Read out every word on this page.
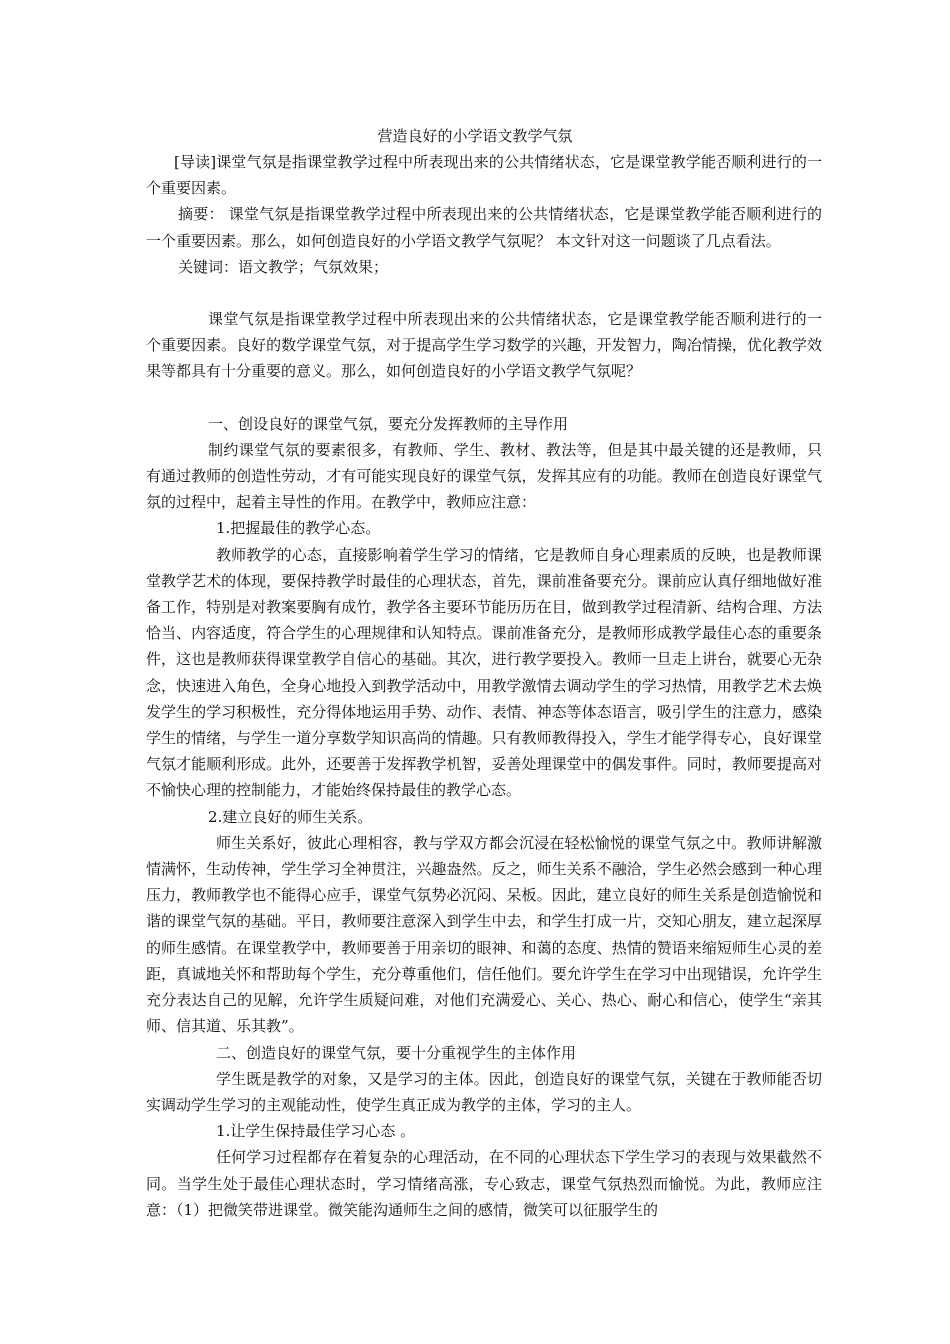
营造良好的小学语文教学气氛

[导读]课堂气氛是指课堂教学过程中所表现出来的公共情绪状态，它是课堂教学能否顺利进行的一个重要因素。

摘要： 课堂气氛是指课堂教学过程中所表现出来的公共情绪状态，它是课堂教学能否顺利进行的一个重要因素。那么，如何创造良好的小学语文教学气氛呢？ 本文针对这一问题谈了几点看法。

关键词：语文教学；气氛效果；

课堂气氛是指课堂教学过程中所表现出来的公共情绪状态，它是课堂教学能否顺利进行的一个重要因素。良好的数学课堂气氛，对于提高学生学习数学的兴趣，开发智力，陶冶情操，优化教学效果等都具有十分重要的意义。那么，如何创造良好的小学语文教学气氛呢？

一、创设良好的课堂气氛，要充分发挥教师的主导作用

制约课堂气氛的要素很多，有教师、学生、教材、教法等，但是其中最关键的还是教师，只有通过教师的创造性劳动，才有可能实现良好的课堂气氛，发挥其应有的功能。教师在创造良好课堂气氛的过程中，起着主导性的作用。在教学中，教师应注意：

1.把握最佳的教学心态。

教师教学的心态，直接影响着学生学习的情绪，它是教师自身心理素质的反映，也是教师课堂教学艺术的体现，要保持教学时最佳的心理状态，首先，课前准备要充分。课前应认真仔细地做好准备工作，特别是对教案要胸有成竹，教学各主要环节能历历在目，做到教学过程清新、结构合理、方法恰当、内容适度，符合学生的心理规律和认知特点。课前准备充分，是教师形成教学最佳心态的重要条件，这也是教师获得课堂教学自信心的基础。其次，进行教学要投入。教师一旦走上讲台，就要心无杂念，快速进入角色，全身心地投入到教学活动中，用教学激情去调动学生的学习热情，用教学艺术去焕发学生的学习积极性，充分得体地运用手势、动作、表情、神态等体态语言，吸引学生的注意力，感染学生的情绪，与学生一道分享数学知识高尚的情趣。只有教师教得投入，学生才能学得专心，良好课堂气氛才能顺利形成。此外，还要善于发挥教学机智，妥善处理课堂中的偶发事件。同时，教师要提高对不愉快心理的控制能力，才能始终保持最佳的教学心态。

2.建立良好的师生关系。

师生关系好，彼此心理相容，教与学双方都会沉浸在轻松愉悦的课堂气氛之中。教师讲解激情满怀，生动传神，学生学习全神贯注，兴趣盎然。反之，师生关系不融洽，学生必然会感到一种心理压力，教师教学也不能得心应手，课堂气氛势必沉闷、呆板。因此，建立良好的师生关系是创造愉悦和谐的课堂气氛的基础。平日，教师要注意深入到学生中去，和学生打成一片，交知心朋友，建立起深厚的师生感情。在课堂教学中，教师要善于用亲切的眼神、和蔼的态度、热情的赞语来缩短师生心灵的差距，真诚地关怀和帮助每个学生，充分尊重他们，信任他们。要允许学生在学习中出现错误，允许学生充分表达自己的见解，允许学生质疑问难，对他们充满爱心、关心、热心、耐心和信心，使学生“亲其师、信其道、乐其教”。

二、创造良好的课堂气氛，要十分重视学生的主体作用

学生既是教学的对象，又是学习的主体。因此，创造良好的课堂气氛，关键在于教师能否切实调动学生学习的主观能动性，使学生真正成为教学的主体，学习的主人。

1.让学生保持最佳学习心态 。

任何学习过程都存在着复杂的心理活动，在不同的心理状态下学生学习的表现与效果截然不同。当学生处于最佳心理状态时，学习情绪高涨，专心致志，课堂气氛热烈而愉悦。为此，教师应注意：（1）把微笑带进课堂。微笑能沟通师生之间的感情，微笑可以征服学生的
